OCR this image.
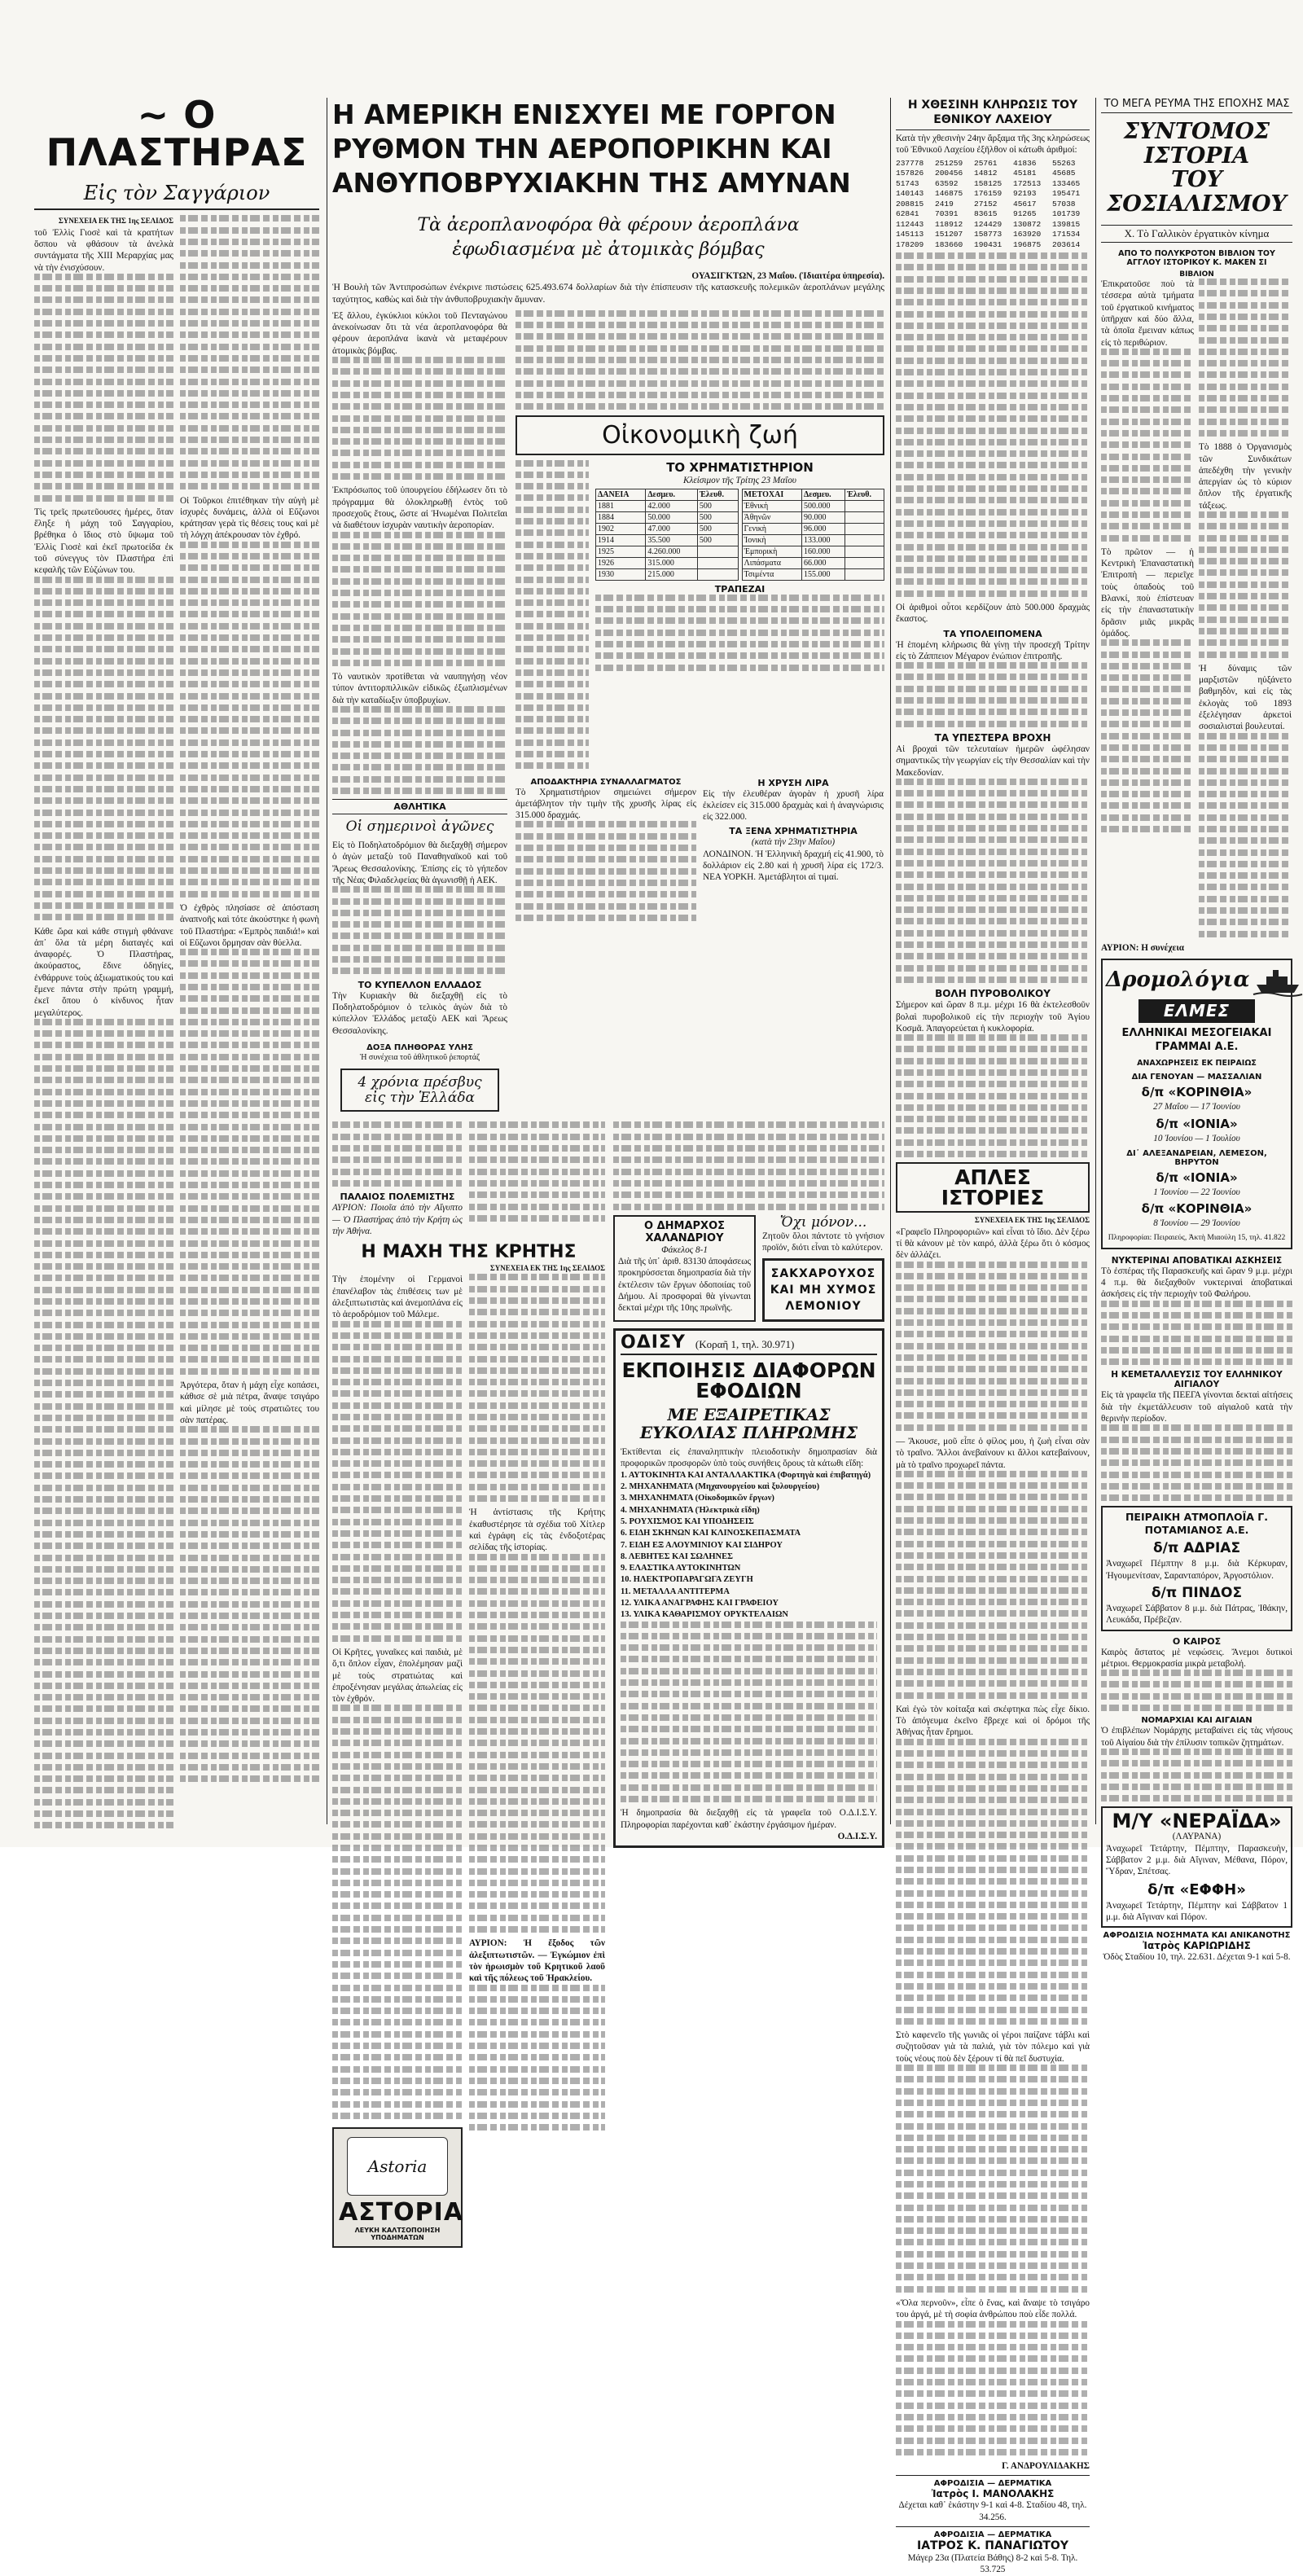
~ Ο ΠΛΑΣΤΗΡΑΣ
Εἰς τὸν Σαγγάριον

ΣΥΝΕΧΕΙΑ ΕΚ ΤΗΣ 1ης ΣΕΛΙΔΟΣ

τοῦ Ἐλλὶς Γιοσὲ καὶ τὰ κρατήτων ὅσπου νὰ φθάσουν τὰ ἀνελκὰ συντάγματα τῆς XIII Μεραρχίας μας νὰ τὴν ἐνισχύσουν.

Τὶς τρεῖς πρωτεῦουσες ἡμέρες, ὅταν ἔληξε ἡ μάχη τοῦ Σαγγαρίου, βρέθηκα ὁ ἴδιος στὸ ὕψωμα τοῦ Ἐλλὶς Γιοσὲ καὶ ἐκεῖ πρωτοείδα ἐκ τοῦ σύνεγγυς τὸν Πλαστήρα ἐπὶ κεφαλῆς τῶν Εὐζώνων του.

Κάθε ὥρα καὶ κάθε στιγμὴ φθάνανε ἀπ᾽ ὅλα τὰ μέρη διαταγές καὶ ἀναφορές. Ὁ Πλαστήρας, ἀκούραστος, ἔδινε ὁδηγίες, ἐνθάρρυνε τοὺς ἀξιωματικούς του καὶ ἔμενε πάντα στὴν πρώτη γραμμή, ἐκεῖ ὅπου ὁ κίνδυνος ἦταν μεγαλύτερος.

Οἱ Τοῦρκοι ἐπιτέθηκαν τὴν αὐγὴ μὲ ἰσχυρὲς δυνάμεις, ἀλλὰ οἱ Εὔζωνοι κράτησαν γερὰ τὶς θέσεις τους καὶ μὲ τὴ λόγχη ἀπέκρουσαν τὸν ἐχθρό.

Ὁ ἐχθρὸς πλησίασε σὲ ἀπόσταση ἀναπνοῆς καὶ τότε ἀκούστηκε ἡ φωνὴ τοῦ Πλαστήρα: «Ἐμπρὸς παιδιά!» καὶ οἱ Εὔζωνοι ὅρμησαν σὰν θύελλα.

Ἀργότερα, ὅταν ἡ μάχη εἶχε κοπάσει, κάθισε σὲ μιὰ πέτρα, ἄναψε τσιγάρο καὶ μίλησε μὲ τοὺς στρατιῶτες του σὰν πατέρας.

Η ΑΜΕΡΙΚΗ ΕΝΙΣΧΥΕΙ ΜΕ ΓΟΡΓΟΝ ΡΥΘΜΟΝ ΤΗΝ ΑΕΡΟΠΟΡΙΚΗΝ ΚΑΙ ΑΝΘΥΠΟΒΡΥΧΙΑΚΗΝ ΤΗΣ ΑΜΥΝΑΝ
Τὰ ἀεροπλανοφόρα θὰ φέρουν ἀεροπλάνα ἐφωδιασμένα μὲ ἀτομικὰς βόμβας

ΟΥΑΣΙΓΚΤΩΝ, 23 Μαΐου. (Ἰδιαιτέρα ὑπηρεσία).

Ἡ Βουλὴ τῶν Ἀντιπροσώπων ἐνέκρινε πιστώσεις 625.493.674 δολλαρίων διὰ τὴν ἐπίσπευσιν τῆς κατασκευῆς πολεμικῶν ἀεροπλάνων μεγάλης ταχύτητος, καθὼς καὶ διὰ τὴν ἀνθυποβρυχιακὴν ἄμυναν.

Ἐξ ἄλλου, ἐγκύκλιοι κύκλοι τοῦ Πενταγώνου ἀνεκοίνωσαν ὅτι τὰ νέα ἀεροπλανοφόρα θὰ φέρουν ἀεροπλάνα ἱκανὰ νὰ μεταφέρουν ἀτομικὰς βόμβας.

Ἐκπρόσωπος τοῦ ὑπουργείου ἐδήλωσεν ὅτι τὸ πρόγραμμα θὰ ὁλοκληρωθῇ ἐντὸς τοῦ προσεχοῦς ἔτους, ὥστε αἱ Ἡνωμέναι Πολιτεῖαι νὰ διαθέτουν ἰσχυρὰν ναυτικὴν ἀεροπορίαν.

Τὸ ναυτικὸν προτίθεται νὰ ναυπηγήσῃ νέον τύπον ἀντιτορπιλλικῶν εἰδικῶς ἐξωπλισμένων διὰ τὴν καταδίωξιν ὑποβρυχίων.

ΑΘΛΗΤΙΚΑ
Οἱ σημερινοὶ ἀγῶνες

Εἰς τὸ Ποδηλατοδρόμιον θὰ διεξαχθῇ σήμερον ὁ ἀγὼν μεταξὺ τοῦ Παναθηναϊκοῦ καὶ τοῦ Ἄρεως Θεσσαλονίκης. Ἐπίσης εἰς τὸ γήπεδον τῆς Νέας Φιλαδελφείας θὰ ἀγωνισθῇ ἡ ΑΕΚ.

ΤΟ ΚΥΠΕΛΛΟΝ ΕΛΛΑΔΟΣ

Τὴν Κυριακὴν θὰ διεξαχθῇ εἰς τὸ Ποδηλατοδρόμιον ὁ τελικὸς ἀγὼν διὰ τὸ κύπελλον Ἑλλάδος μεταξὺ ΑΕΚ καὶ Ἄρεως Θεσσαλονίκης.

ΔΟΞΑ ΠΛΗΘΟΡΑΣ ΥΛΗΣ

Ἡ συνέχεια τοῦ ἀθλητικοῦ ῥεπορτάζ

4 χρόνια πρέσβυς
εἰς τὴν Ἑλλάδα
Οἰκονομικὴ ζωή
ΤΟ ΧΡΗΜΑΤΙΣΤΗΡΙΟΝ
Κλείσιμον τῆς Τρίτης 23 Μαΐου
ΔΑΝΕΙΑ	Δεσμευ.	Ἐλευθ.
1881	42.000	500
1884	50.000	500
1902	47.000	500
1914	35.500	500
1925	4.260.000	
1926	315.000	
1930	215.000	
ΜΕΤΟΧΑΙ	Δεσμευ.	Ἐλευθ.
Ἐθνικὴ	500.000	
Ἀθηνῶν	90.000	
Γενικὴ	96.000	
Ἰονικὴ	133.000	
Ἐμπορικὴ	160.000	
Λιπάσματα	66.000	
Τσιμέντα	155.000	
ΤΡΑΠΕΖΑΙ
ΑΠΟΔΑΚΤΗΡΙΑ ΣΥΝΑΛΛΑΓΜΑΤΟΣ

Τὸ Χρηματιστήριον σημειώνει σήμερον ἀμετάβλητον τὴν τιμὴν τῆς χρυσῆς λίρας εἰς 315.000 δραχμάς.

Η ΧΡΥΣΗ ΛΙΡΑ

Εἰς τὴν ἐλευθέραν ἀγορὰν ἡ χρυσῆ λίρα ἐκλείσεν εἰς 315.000 δραχμὰς καὶ ἡ ἀναγνώρισις εἰς 322.000.

ΤΑ ΞΕΝΑ ΧΡΗΜΑΤΙΣΤΗΡΙΑ

(κατὰ τὴν 23ην Μαΐου)

ΛΟΝΔΙΝΟΝ. Ἡ Ἑλληνικὴ δραχμή εἰς 41.900, τὸ δολλάριον εἰς 2.80 καὶ ἡ χρυσῆ λίρα εἰς 172/3. ΝΕΑ ΥΟΡΚΗ. Ἀμετάβλητοι αἱ τιμαί.

ΠΑΛΑΙΟΣ ΠΟΛΕΜΙΣΤΗΣ

ΑΥΡΙΟΝ: Ποιοῖα ἀπὸ τὴν Αἴγυπτο — Ὁ Πλαστήρας ἀπὸ τὴν Κρήτη ὡς τὴν Ἀθήνα.

Η ΜΑΧΗ ΤΗΣ ΚΡΗΤΗΣ

ΣΥΝΕΧΕΙΑ ΕΚ ΤΗΣ 1ης ΣΕΛΙΔΟΣ

Τὴν ἑπομένην οἱ Γερμανοὶ ἐπανέλαβον τὰς ἐπιθέσεις των μὲ ἀλεξιπτωτιστὰς καὶ ἀνεμοπλάνα εἰς τὸ ἀεροδρόμιον τοῦ Μάλεμε.

Οἱ Κρῆτες, γυναῖκες καὶ παιδιὰ, μὲ ὅ,τι ὅπλον εἶχαν, ἐπολέμησαν μαζὶ μὲ τοὺς στρατιώτας καὶ ἐπροξένησαν μεγάλας ἀπωλείας εἰς τὸν ἐχθρόν.

Astoria
ΑΣΤΟΡΙΑ
ΛΕΥΚΗ ΚΑΛΤΣΟΠΟΙΗΣΗ ΥΠΟΔΗΜΑΤΩΝ

Ἡ ἀντίστασις τῆς Κρήτης ἐκαθυστέρησε τὰ σχέδια τοῦ Χίτλερ καὶ ἐγράφη εἰς τὰς ἐνδοξοτέρας σελίδας τῆς ἱστορίας.

ΑΥΡΙΟΝ: Ἡ ἔξοδος τῶν ἀλεξιπτωτιστῶν. — Ἐγκώμιον ἐπὶ τὸν ἡρωισμὸν τοῦ Κρητικοῦ λαοῦ καὶ τῆς πόλεως τοῦ Ἡρακλείου.

Ο ΔΗΜΑΡΧΟΣ ΧΑΛΑΝΔΡΙΟΥ
Φάκελος 8-1

Διὰ τῆς ὑπ᾽ ἀριθ. 83130 ἀποφάσεως προκηρύσσεται δημοπρασία διὰ τὴν ἐκτέλεσιν τῶν ἔργων ὁδοποιίας τοῦ Δήμου. Αἱ προσφοραὶ θὰ γίνωνται δεκταὶ μέχρι τῆς 10ης πρωϊνῆς.

Ὄχι μόνον...

Ζητοῦν ὅλοι πάντοτε τὸ γνήσιον προϊόν, διότι εἶναι τὸ καλύτερον.

ΣΑΚΧΑΡΟΥΧΟΣ ΚΑΙ ΜΗ ΧΥΜΟΣ ΛΕΜΟΝΙΟΥ
ΟΔΙΣΥ (Κοραῆ 1, τηλ. 30.971)
ΕΚΠΟΙΗΣΙΣ ΔΙΑΦΟΡΩΝ ΕΦΟΔΙΩΝ
ΜΕ ΕΞΑΙΡΕΤΙΚΑΣ ΕΥΚΟΛΙΑΣ ΠΛΗΡΩΜΗΣ

Ἐκτίθενται εἰς ἐπαναληπτικὴν πλειοδοτικὴν δημοπρασίαν διὰ προφορικῶν προσφορῶν ὑπὸ τοὺς συνήθεις ὅρους τὰ κάτωθι εἴδη:

1. ΑΥΤΟΚΙΝΗΤΑ ΚΑΙ ΑΝΤΑΛΛΑΚΤΙΚΑ (Φορτηγὰ καὶ ἐπιβατηγά)

2. ΜΗΧΑΝΗΜΑΤΑ (Μηχανουργείου καὶ ξυλουργείου)

3. ΜΗΧΑΝΗΜΑΤΑ (Οἰκοδομικῶν ἔργων)

4. ΜΗΧΑΝΗΜΑΤΑ (Ἠλεκτρικὰ εἴδη)

5. ΡΟΥΧΙΣΜΟΣ ΚΑΙ ΥΠΟΔΗΣΕΙΣ

6. ΕΙΔΗ ΣΚΗΝΩΝ ΚΑΙ ΚΛΙΝΟΣΚΕΠΑΣΜΑΤΑ

7. ΕΙΔΗ ΕΞ ΑΛΟΥΜΙΝΙΟΥ ΚΑΙ ΣΙΔΗΡΟΥ

8. ΛΕΒΗΤΕΣ ΚΑΙ ΣΩΛΗΝΕΣ

9. ΕΛΑΣΤΙΚΑ ΑΥΤΟΚΙΝΗΤΩΝ

10. ΗΛΕΚΤΡΟΠΑΡΑΓΩΓΑ ΖΕΥΓΗ

11. ΜΕΤΑΛΛΑ ΑΝΤΙΤΕΡΜΑ

12. ΥΛΙΚΑ ΑΝΑΓΡΑΦΗΣ ΚΑΙ ΓΡΑΦΕΙΟΥ

13. ΥΛΙΚΑ ΚΑΘΑΡΙΣΜΟΥ ΟΡΥΚΤΕΛΑΙΩΝ

Ἡ δημοπρασία θὰ διεξαχθῇ εἰς τὰ γραφεῖα τοῦ Ο.Δ.Ι.Σ.Υ. Πληροφορίαι παρέχονται καθ᾽ ἑκάστην ἐργάσιμον ἡμέραν.

Ο.Δ.Ι.Σ.Υ.
Η ΧΘΕΣΙΝΗ ΚΛΗΡΩΣΙΣ ΤΟΥ ΕΘΝΙΚΟΥ ΛΑΧΕΙΟΥ

Κατὰ τὴν χθεσινὴν 24ην ἄρξαμα τῆς 3ης κληρώσεως τοῦ Ἐθνικοῦ Λαχείου ἐξῆλθον οἱ κάτωθι ἀριθμοί:

237778	251259	25761	41836	55263
157826	200456	14812	45181	45685
51743	63592	158125	172513	133465
140143	146875	176159	92193	195471
208815	2419	27152	45617	57038
62841	70391	83615	91265	101739
112443	118912	124429	130872	139815
145113	151207	158773	163920	171534
178209	183660	190431	196875	203614

Οἱ ἀριθμοὶ οὗτοι κερδίζουν ἀπὸ 500.000 δραχμὰς ἕκαστος.

ΤΑ ΥΠΟΛΕΙΠΟΜΕΝΑ

Ἡ ἑπομένη κλήρωσις θὰ γίνῃ τὴν προσεχῆ Τρίτην εἰς τὸ Ζάππειον Μέγαρον ἐνώπιον ἐπιτροπῆς.

ΤΑ ΥΠΕΣΤΕΡΑ ΒΡΟΧΗ

Αἱ βροχαὶ τῶν τελευταίων ἡμερῶν ὠφέλησαν σημαντικῶς τὴν γεωργίαν εἰς τὴν Θεσσαλίαν καὶ τὴν Μακεδονίαν.

ΒΟΛΗ ΠΥΡΟΒΟΛΙΚΟΥ

Σήμερον καὶ ὥραν 8 π.μ. μέχρι 16 θὰ ἐκτελεσθοῦν βολαὶ πυροβολικοῦ εἰς τὴν περιοχὴν τοῦ Ἁγίου Κοσμᾶ. Ἀπαγορεύεται ἡ κυκλοφορία.

ΑΠΛΕΣ ΙΣΤΟΡΙΕΣ

ΣΥΝΕΧΕΙΑ ΕΚ ΤΗΣ 1ης ΣΕΛΙΔΟΣ

«Γραφεῖο Πληροφοριῶν» καὶ εἶναι τὸ ἴδιο. Δὲν ξέρω τί θὰ κάνουν μὲ τὸν καιρό, ἀλλὰ ξέρω ὅτι ὁ κόσμος δὲν ἀλλάζει.

— Ἄκουσε, μοῦ εἶπε ὁ φίλος μου, ἡ ζωὴ εἶναι σὰν τὸ τραῖνο. Ἄλλοι ἀνεβαίνουν κι ἄλλοι κατεβαίνουν, μὰ τὸ τραῖνο προχωρεῖ πάντα.

Καὶ ἐγὼ τὸν κοίταξα καὶ σκέφτηκα πὼς εἶχε δίκιο. Τὸ ἀπόγευμα ἐκεῖνο ἔβρεχε καὶ οἱ δρόμοι τῆς Ἀθήνας ἦταν ἔρημοι.

Στὸ καφενεῖο τῆς γωνιᾶς οἱ γέροι παίζανε τάβλι καὶ συζητοῦσαν γιὰ τὰ παλιά, γιὰ τὸν πόλεμο καὶ γιὰ τοὺς νέους ποὺ δὲν ξέρουν τί θὰ πεῖ δυστυχία.

«Ὅλα περνοῦν», εἶπε ὁ ἕνας, καὶ ἄναψε τὸ τσιγάρο του ἀργά, μὲ τὴ σοφία ἀνθρώπου ποὺ εἶδε πολλά.

Γ. ΑΝΔΡΟΥΛΙΔΑΚΗΣ
ΑΦΡΟΔΙΣΙΑ — ΔΕΡΜΑΤΙΚΑ
Ἰατρὸς Ι. ΜΑΝΟΛΑΚΗΣ

Δέχεται καθ᾽ ἑκάστην 9-1 καὶ 4-8. Σταδίου 48, τηλ. 34.256.

ΑΦΡΟΔΙΣΙΑ — ΔΕΡΜΑΤΙΚΑ
ΙΑΤΡΟΣ Κ. ΠΑΝΑΓΙΩΤΟΥ

Μάγερ 23α (Πλατεία Βάθης) 8-2 καὶ 5-8. Τηλ. 53.725

ΤΟ ΜΕΓΑ ΡΕΥΜΑ ΤΗΣ ΕΠΟΧΗΣ ΜΑΣ
ΣΥΝΤΟΜΟΣ ΙΣΤΟΡΙΑ
ΤΟΥ ΣΟΣΙΑΛΙΣΜΟΥ
Χ. Τὸ Γαλλικὸν ἐργατικὸν κίνημα
ΑΠΟ ΤΟ ΠΟΛΥΚΡΟΤΟΝ ΒΙΒΛΙΟΝ ΤΟΥ ΑΓΓΛΟΥ ΙΣΤΟΡΙΚΟΥ Κ. ΜΑΚΕΝ ΣΙ
ΒΙΒΛΙΟΝ

Ἐπικρατοῦσε ποὺ τὰ τέσσερα αὐτὰ τμήματα τοῦ ἐργατικοῦ κινήματος ὑπῆρχαν καὶ δύο ἄλλα, τὰ ὁποῖα ἔμειναν κάπως εἰς τὸ περιθώριον.

Τὸ πρῶτον — ἡ Κεντρικὴ Ἐπαναστατικὴ Ἐπιτροπὴ — περιεῖχε τοὺς ὀπαδοὺς τοῦ Βλανκί, ποὺ ἐπίστευαν εἰς τὴν ἐπαναστατικὴν δρᾶσιν μιᾶς μικρᾶς ὁμάδος.

Τὸ 1888 ὁ Ὀργανισμὸς τῶν Συνδικάτων ἀπεδέχθη τὴν γενικὴν ἀπεργίαν ὡς τὸ κύριον ὅπλον τῆς ἐργατικῆς τάξεως.

Ἡ δύναμις τῶν μαρξιστῶν ηὐξάνετο βαθμηδὸν, καὶ εἰς τὰς ἐκλογὰς τοῦ 1893 ἐξελέγησαν ἀρκετοὶ σοσιαλισταὶ βουλευταί.

ΑΥΡΙΟΝ: Η συνέχεια

Δρομολόγια
ΕΛΜΕΣ
ΕΛΛΗΝΙΚΑΙ ΜΕΣΟΓΕΙΑΚΑΙ ΓΡΑΜΜΑΙ Α.Ε.
ΑΝΑΧΩΡΗΣΕΙΣ ΕΚ ΠΕΙΡΑΙΩΣ
ΔΙΑ ΓΕΝΟΥΑΝ — ΜΑΣΣΑΛΙΑΝ
δ/π «ΚΟΡΙΝΘΙΑ»
27 Μαΐου — 17 Ἰουνίου
δ/π «ΙΟΝΙΑ»
10 Ἰουνίου — 1 Ἰουλίου
ΔΙ᾽ ΑΛΕΞΑΝΔΡΕΙΑΝ, ΛΕΜΕΣΟΝ, ΒΗΡΥΤΟΝ
δ/π «ΙΟΝΙΑ»
1 Ἰουνίου — 22 Ἰουνίου
δ/π «ΚΟΡΙΝΘΙΑ»
8 Ἰουνίου — 29 Ἰουνίου

Πληροφορίαι: Πειραιεύς, Ἀκτὴ Μιαούλη 15, τηλ. 41.822

ΝΥΚΤΕΡΙΝΑΙ ΑΠΟΒΑΤΙΚΑΙ ΑΣΚΗΣΕΙΣ

Τὸ ἐσπέρας τῆς Παρασκευῆς καὶ ὥραν 9 μ.μ. μέχρι 4 π.μ. θὰ διεξαχθοῦν νυκτεριναὶ ἀποβατικαὶ ἀσκήσεις εἰς τὴν περιοχὴν τοῦ Φαλήρου.

Η ΚΕΜΕΤΑΛΛΕΥΣΙΣ ΤΟΥ ΕΛΛΗΝΙΚΟΥ ΑΙΓΙΑΛΟΥ

Εἰς τὰ γραφεῖα τῆς ΠΕΕΓΑ γίνονται δεκταὶ αἰτήσεις διὰ τὴν ἐκμετάλλευσιν τοῦ αἰγιαλοῦ κατὰ τὴν θερινὴν περίοδον.

ΠΕΙΡΑΙΚΗ ΑΤΜΟΠΛΟΪΑ Γ. ΠΟΤΑΜΙΑΝΟΣ Α.Ε.
δ/π ΑΔΡΙΑΣ

Ἀναχωρεῖ Πέμπτην 8 μ.μ. διὰ Κέρκυραν, Ἠγουμενίτσαν, Σαρανταπόρον, Ἀργοστόλιον.

δ/π ΠΙΝΔΟΣ

Ἀναχωρεῖ Σάββατον 8 μ.μ. διὰ Πάτρας, Ἰθάκην, Λευκάδα, Πρέβεζαν.

Ο ΚΑΙΡΟΣ

Καιρὸς ἄστατος μὲ νεφώσεις. Ἄνεμοι δυτικοὶ μέτριοι. Θερμοκρασία μικρὰ μεταβολή.

ΝΟΜΑΡΧΙΑΙ ΚΑΙ ΑΙΓΑΙΑΝ

Ὁ ἐπιβλέπων Νομάρχης μεταβαίνει εἰς τὰς νήσους τοῦ Αἰγαίου διὰ τὴν ἐπίλυσιν τοπικῶν ζητημάτων.

Μ/Υ «ΝΕΡΑΪΔΑ»
(ΛΑΥΡΑΝΑ)

Ἀναχωρεῖ Τετάρτην, Πέμπτην, Παρασκευὴν, Σάββατον 2 μ.μ. διὰ Αἴγιναν, Μέθανα, Πόρον, Ὕδραν, Σπέτσας.

δ/π «ΕΦΦΗ»

Ἀναχωρεῖ Τετάρτην, Πέμπτην καὶ Σάββατον 1 μ.μ. διὰ Αἴγιναν καὶ Πόρον.

ΑΦΡΟΔΙΣΙΑ ΝΟΣΗΜΑΤΑ ΚΑΙ ΑΝΙΚΑΝΟΤΗΣ
Ἰατρὸς ΚΑΡΙΩΡΙΔΗΣ

Ὁδὸς Σταδίου 10, τηλ. 22.631. Δέχεται 9-1 καὶ 5-8.
